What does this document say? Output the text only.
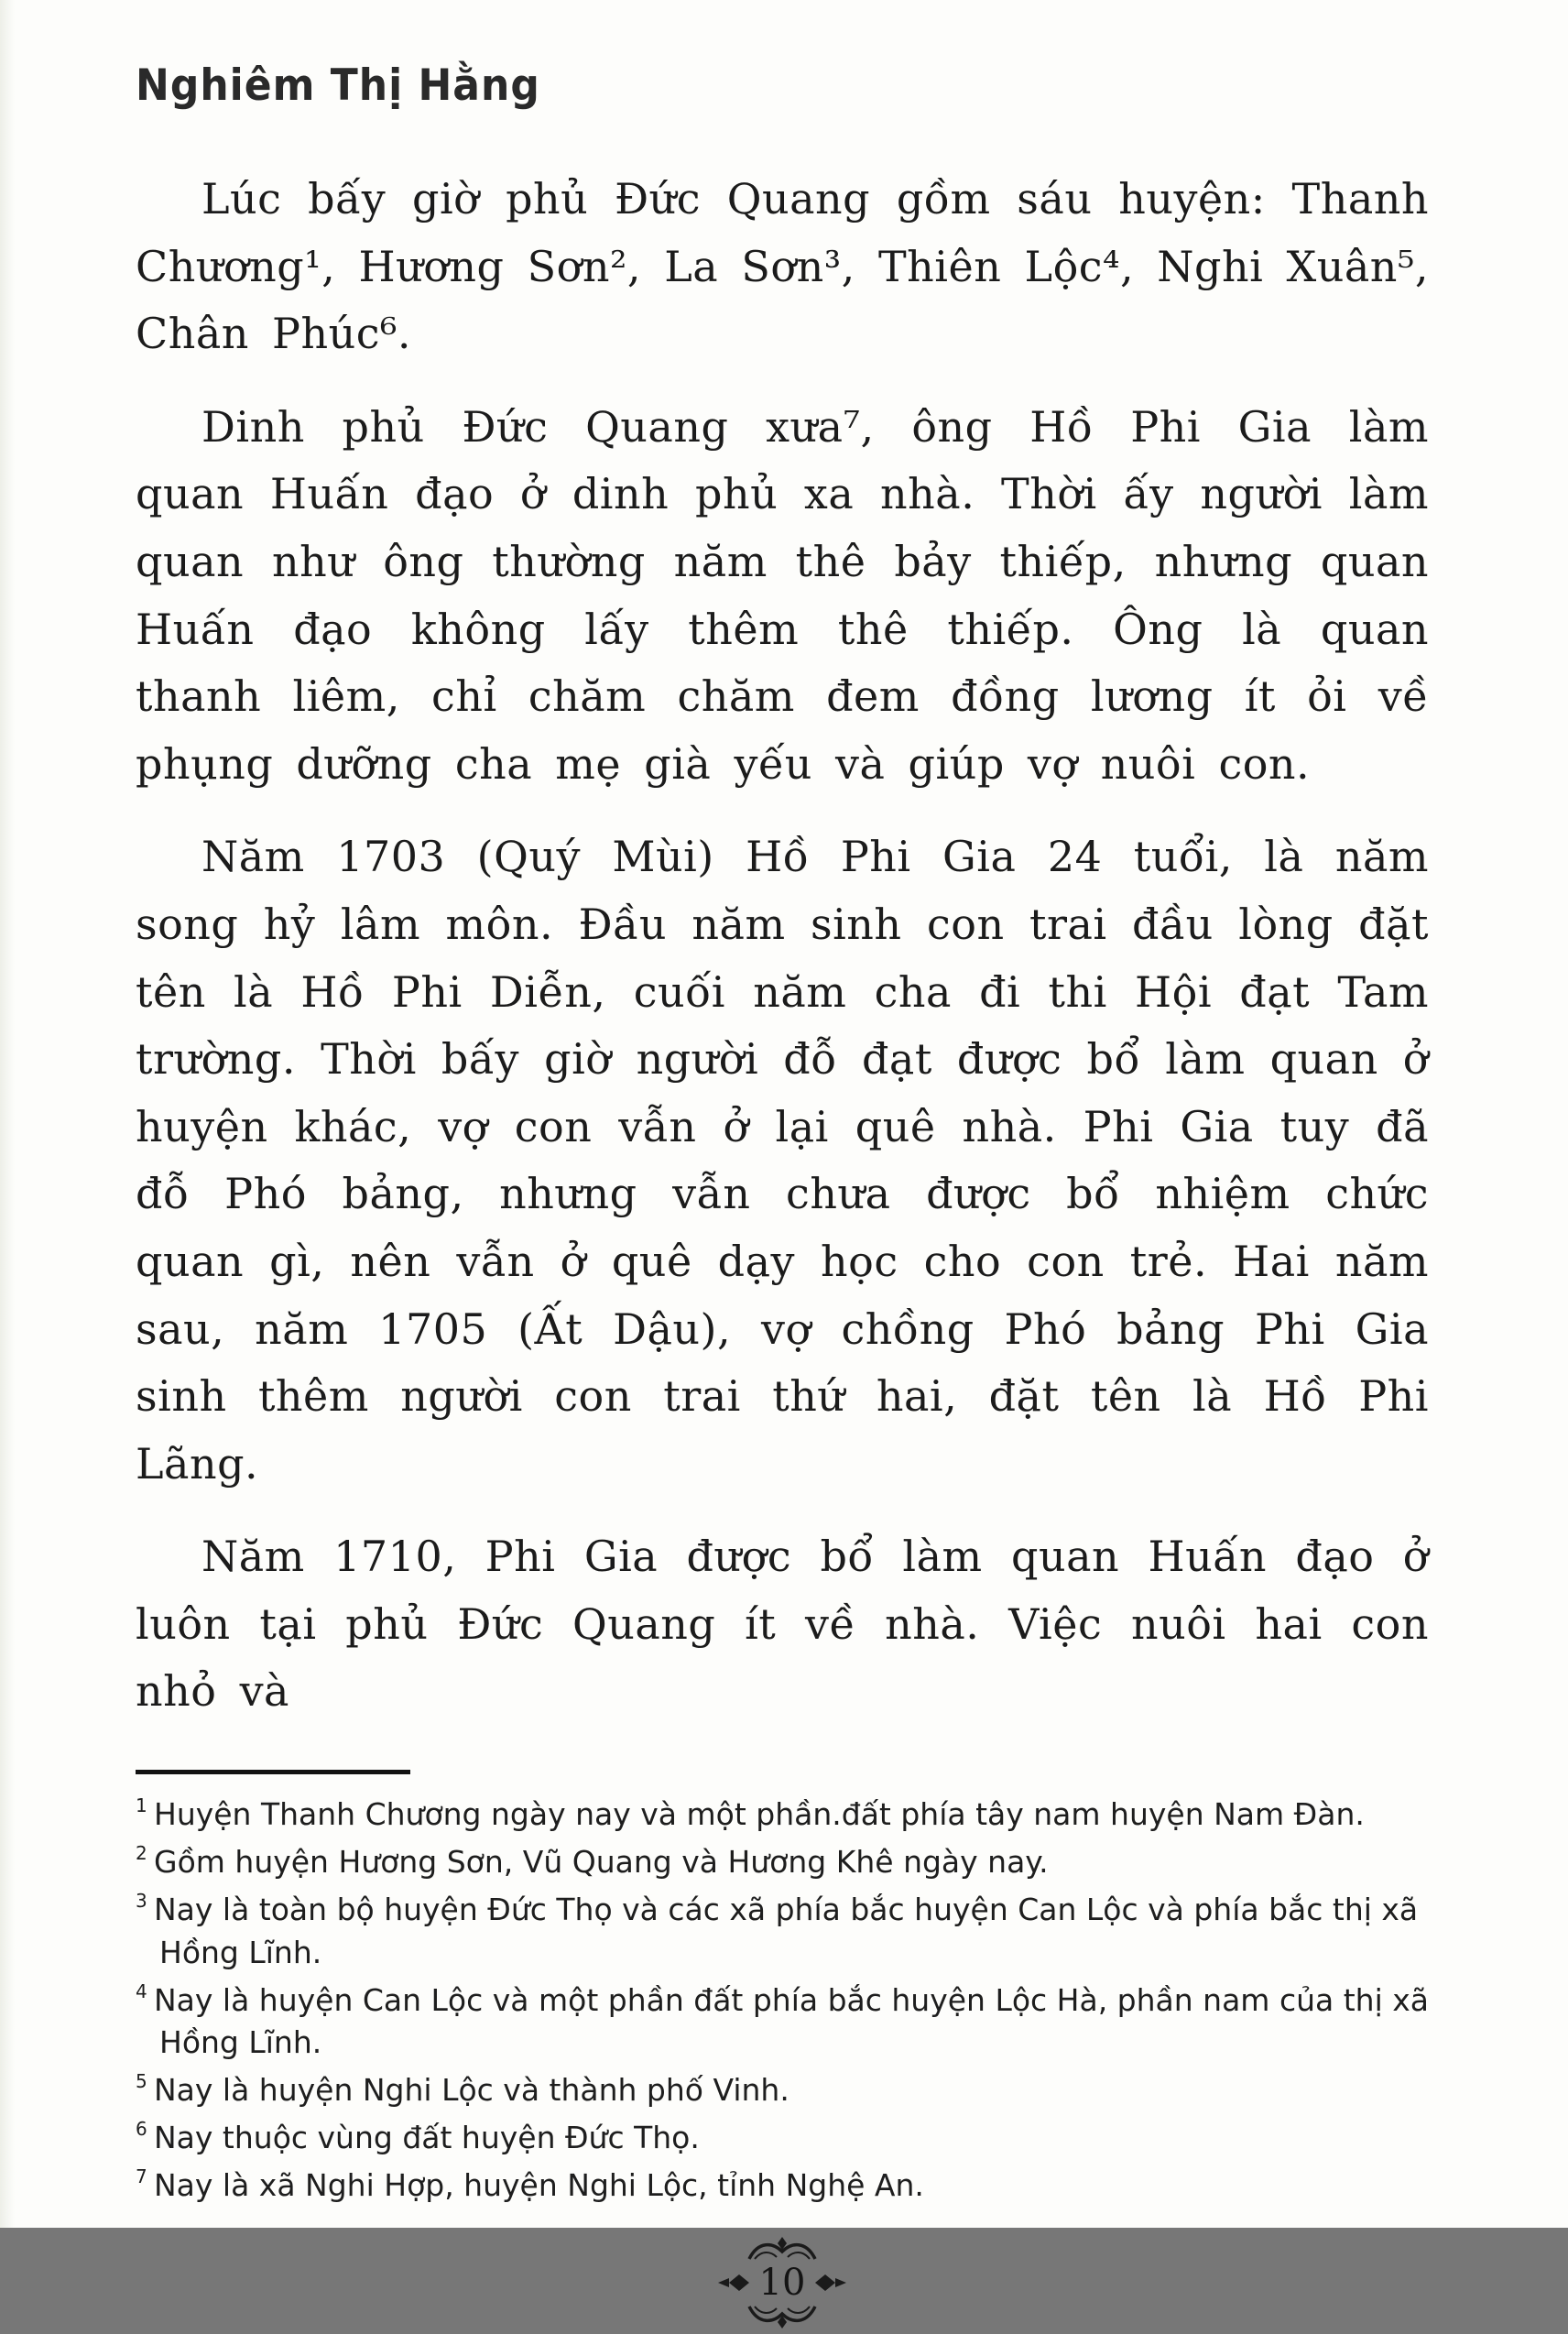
Nghiêm Thị Hằng

Lúc bấy giờ phủ Đức Quang gồm sáu huyện: Thanh Chương¹, Hương Sơn², La Sơn³, Thiên Lộc⁴, Nghi Xuân⁵, Chân Phúc⁶.

Dinh phủ Đức Quang xưa⁷, ông Hồ Phi Gia làm quan Huấn đạo ở dinh phủ xa nhà. Thời ấy người làm quan như ông thường năm thê bảy thiếp, nhưng quan Huấn đạo không lấy thêm thê thiếp. Ông là quan thanh liêm, chỉ chăm chăm đem đồng lương ít ỏi về phụng dưỡng cha mẹ già yếu và giúp vợ nuôi con.

Năm 1703 (Quý Mùi) Hồ Phi Gia 24 tuổi, là năm song hỷ lâm môn. Đầu năm sinh con trai đầu lòng đặt tên là Hồ Phi Diễn, cuối năm cha đi thi Hội đạt Tam trường. Thời bấy giờ người đỗ đạt được bổ làm quan ở huyện khác, vợ con vẫn ở lại quê nhà. Phi Gia tuy đã đỗ Phó bảng, nhưng vẫn chưa được bổ nhiệm chức quan gì, nên vẫn ở quê dạy học cho con trẻ. Hai năm sau, năm 1705 (Ất Dậu), vợ chồng Phó bảng Phi Gia sinh thêm người con trai thứ hai, đặt tên là Hồ Phi Lãng.

Năm 1710, Phi Gia được bổ làm quan Huấn đạo ở luôn tại phủ Đức Quang ít về nhà. Việc nuôi hai con nhỏ và

$^1$ Huyện Thanh Chương ngày nay và một phần.đất phía tây nam huyện Nam Đàn.
$^2$ Gồm huyện Hương Sơn, Vũ Quang và Hương Khê ngày nay.
$^3$ Nay là toàn bộ huyện Đức Thọ và các xã phía bắc huyện Can Lộc và phía bắc thị xã Hồng Lĩnh.
$^4$ Nay là huyện Can Lộc và một phần đất phía bắc huyện Lộc Hà, phần nam của thị xã Hồng Lĩnh.
$^5$ Nay là huyện Nghi Lộc và thành phố Vinh.
$^6$ Nay thuộc vùng đất huyện Đức Thọ.
$^7$ Nay là xã Nghi Hợp, huyện Nghi Lộc, tỉnh Nghệ An.
10
